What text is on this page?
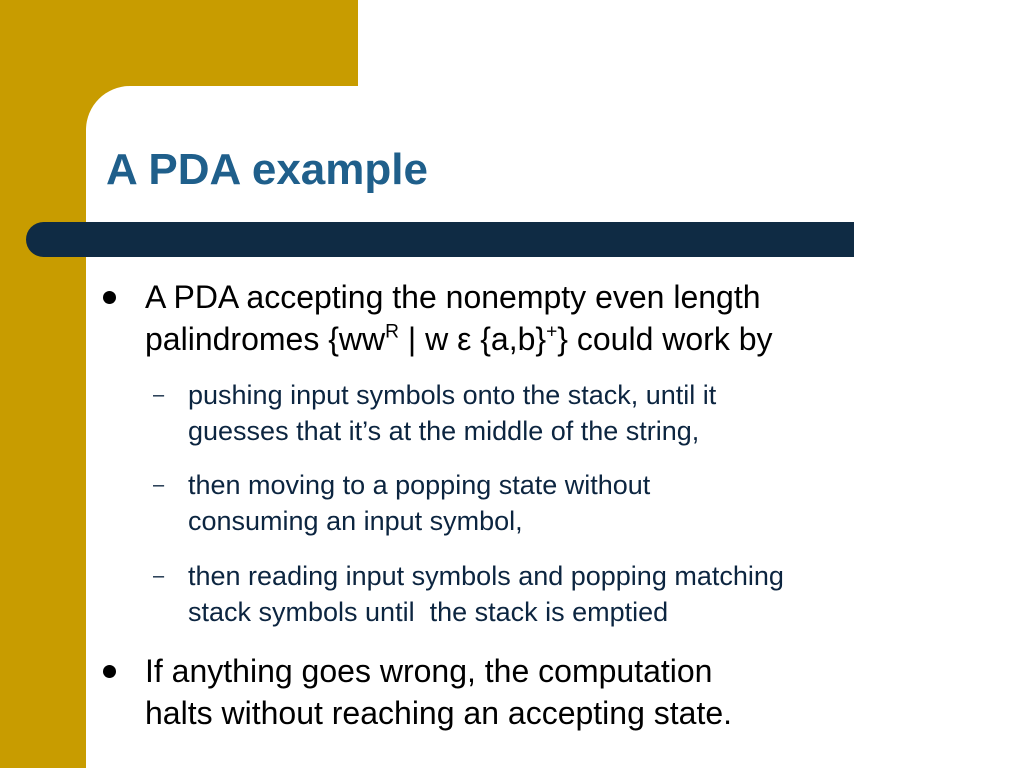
A PDA example
A PDA accepting the nonempty even length
palindromes {$ww^R$ | w ε {a,b}+} could work by
– pushing input symbols onto the stack, until it
guesses that it’s at the middle of the string,
– then moving to a popping state without
consuming an input symbol,
– then reading input symbols and popping matching
stack symbols until  the stack is emptied
If anything goes wrong, the computation
halts without reaching an accepting state.
